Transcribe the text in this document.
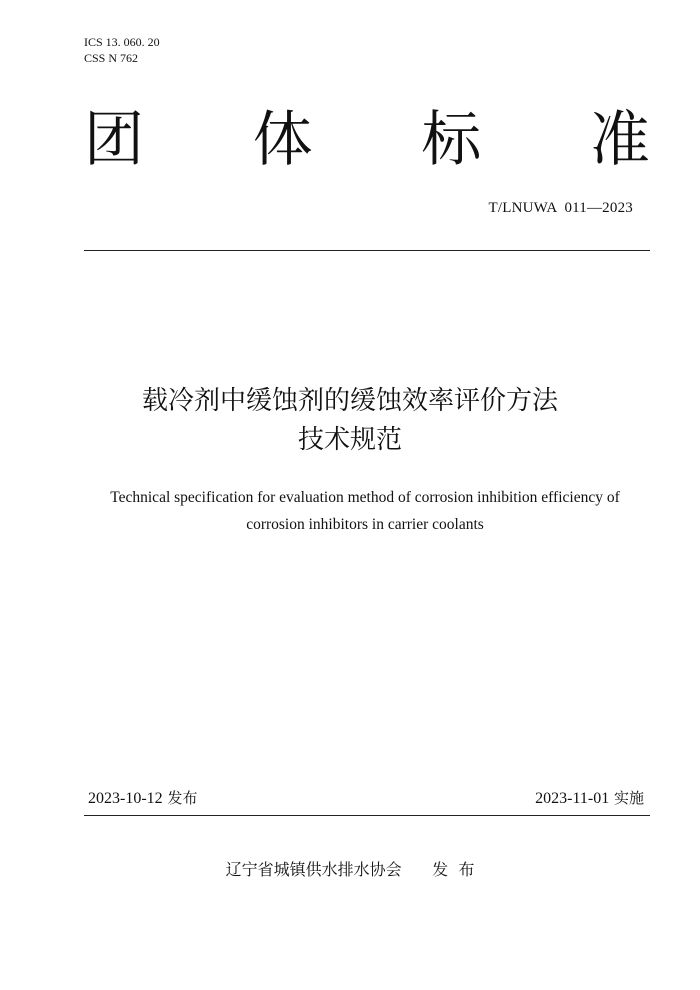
ICS 13. 060. 20
CSS N 762
团 体 标 准
T/LNUWA  011—2023
载冷剂中缓蚀剂的缓蚀效率评价方法
技术规范
Technical specification for evaluation method of corrosion inhibition efficiency of
corrosion inhibitors in carrier coolants
2023-10-12 发布	2023-11-01 实施
辽宁省城镇供水排水协会 发  布
